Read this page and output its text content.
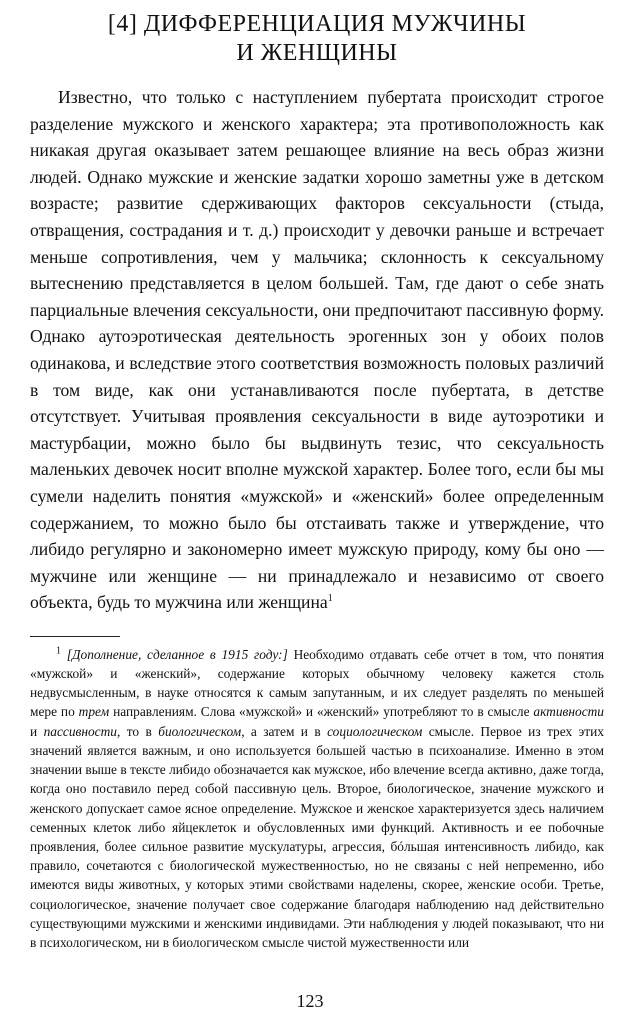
[4] ДИФФЕРЕНЦИАЦИЯ МУЖЧИНЫ
И ЖЕНЩИНЫ

Известно, что только с наступлением пубертата происходит строгое разделение мужского и женского характера; эта противоположность как никакая другая оказывает затем решающее влияние на весь образ жизни людей. Однако мужские и женские задатки хорошо заметны уже в детском возрасте; развитие сдерживающих факторов сексуальности (стыда, отвращения, сострадания и т. д.) происходит у девочки раньше и встречает меньше сопротивления, чем у мальчика; склонность к сексуальному вытеснению представляется в целом большей. Там, где дают о себе знать парциальные влечения сексуальности, они предпочитают пассивную форму. Однако аутоэротическая деятельность эрогенных зон у обоих полов одинакова, и вследствие этого соответствия возможность половых различий в том виде, как они устанавливаются после пубертата, в детстве отсутствует. Учитывая проявления сексуальности в виде аутоэротики и мастурбации, можно было бы выдвинуть тезис, что сексуальность маленьких девочек носит вполне мужской характер. Более того, если бы мы сумели наделить понятия «мужской» и «женский» более определенным содержанием, то можно было бы отстаивать также и утверждение, что либидо регулярно и закономерно имеет мужскую природу, кому бы оно — мужчине или женщине — ни принадлежало и независимо от своего объекта, будь то мужчина или женщина$^1$

$^1$ [Дополнение, сделанное в 1915 году:] Необходимо отдавать себе отчет в том, что понятия «мужской» и «женский», содержание которых обычному человеку кажется столь недвусмысленным, в науке относятся к самым запутанным, и их следует разделять по меньшей мере по трем направлениям. Слова «мужской» и «женский» употребляют то в смысле активности и пассивности, то в биологическом, а затем и в социологическом смысле. Первое из трех этих значений является важным, и оно используется большей частью в психоанализе. Именно в этом значении выше в тексте либидо обозначается как мужское, ибо влечение всегда активно, даже тогда, когда оно поставило перед собой пассивную цель. Второе, биологическое, значение мужского и женского допускает самое ясное определение. Мужское и женское характеризуется здесь наличием семенных клеток либо яйцеклеток и обусловленных ими функций. Активность и ее побочные проявления, более сильное развитие мускулатуры, агрессия, бóльшая интенсивность либидо, как правило, сочетаются с биологической мужественностью, но не связаны с ней непременно, ибо имеются виды животных, у которых этими свойствами наделены, скорее, женские особи. Третье, социологическое, значение получает свое содержание благодаря наблюдению над действительно существующими мужскими и женскими индивидами. Эти наблюдения у людей показывают, что ни в психологическом, ни в биологическом смысле чистой мужественности или

123
